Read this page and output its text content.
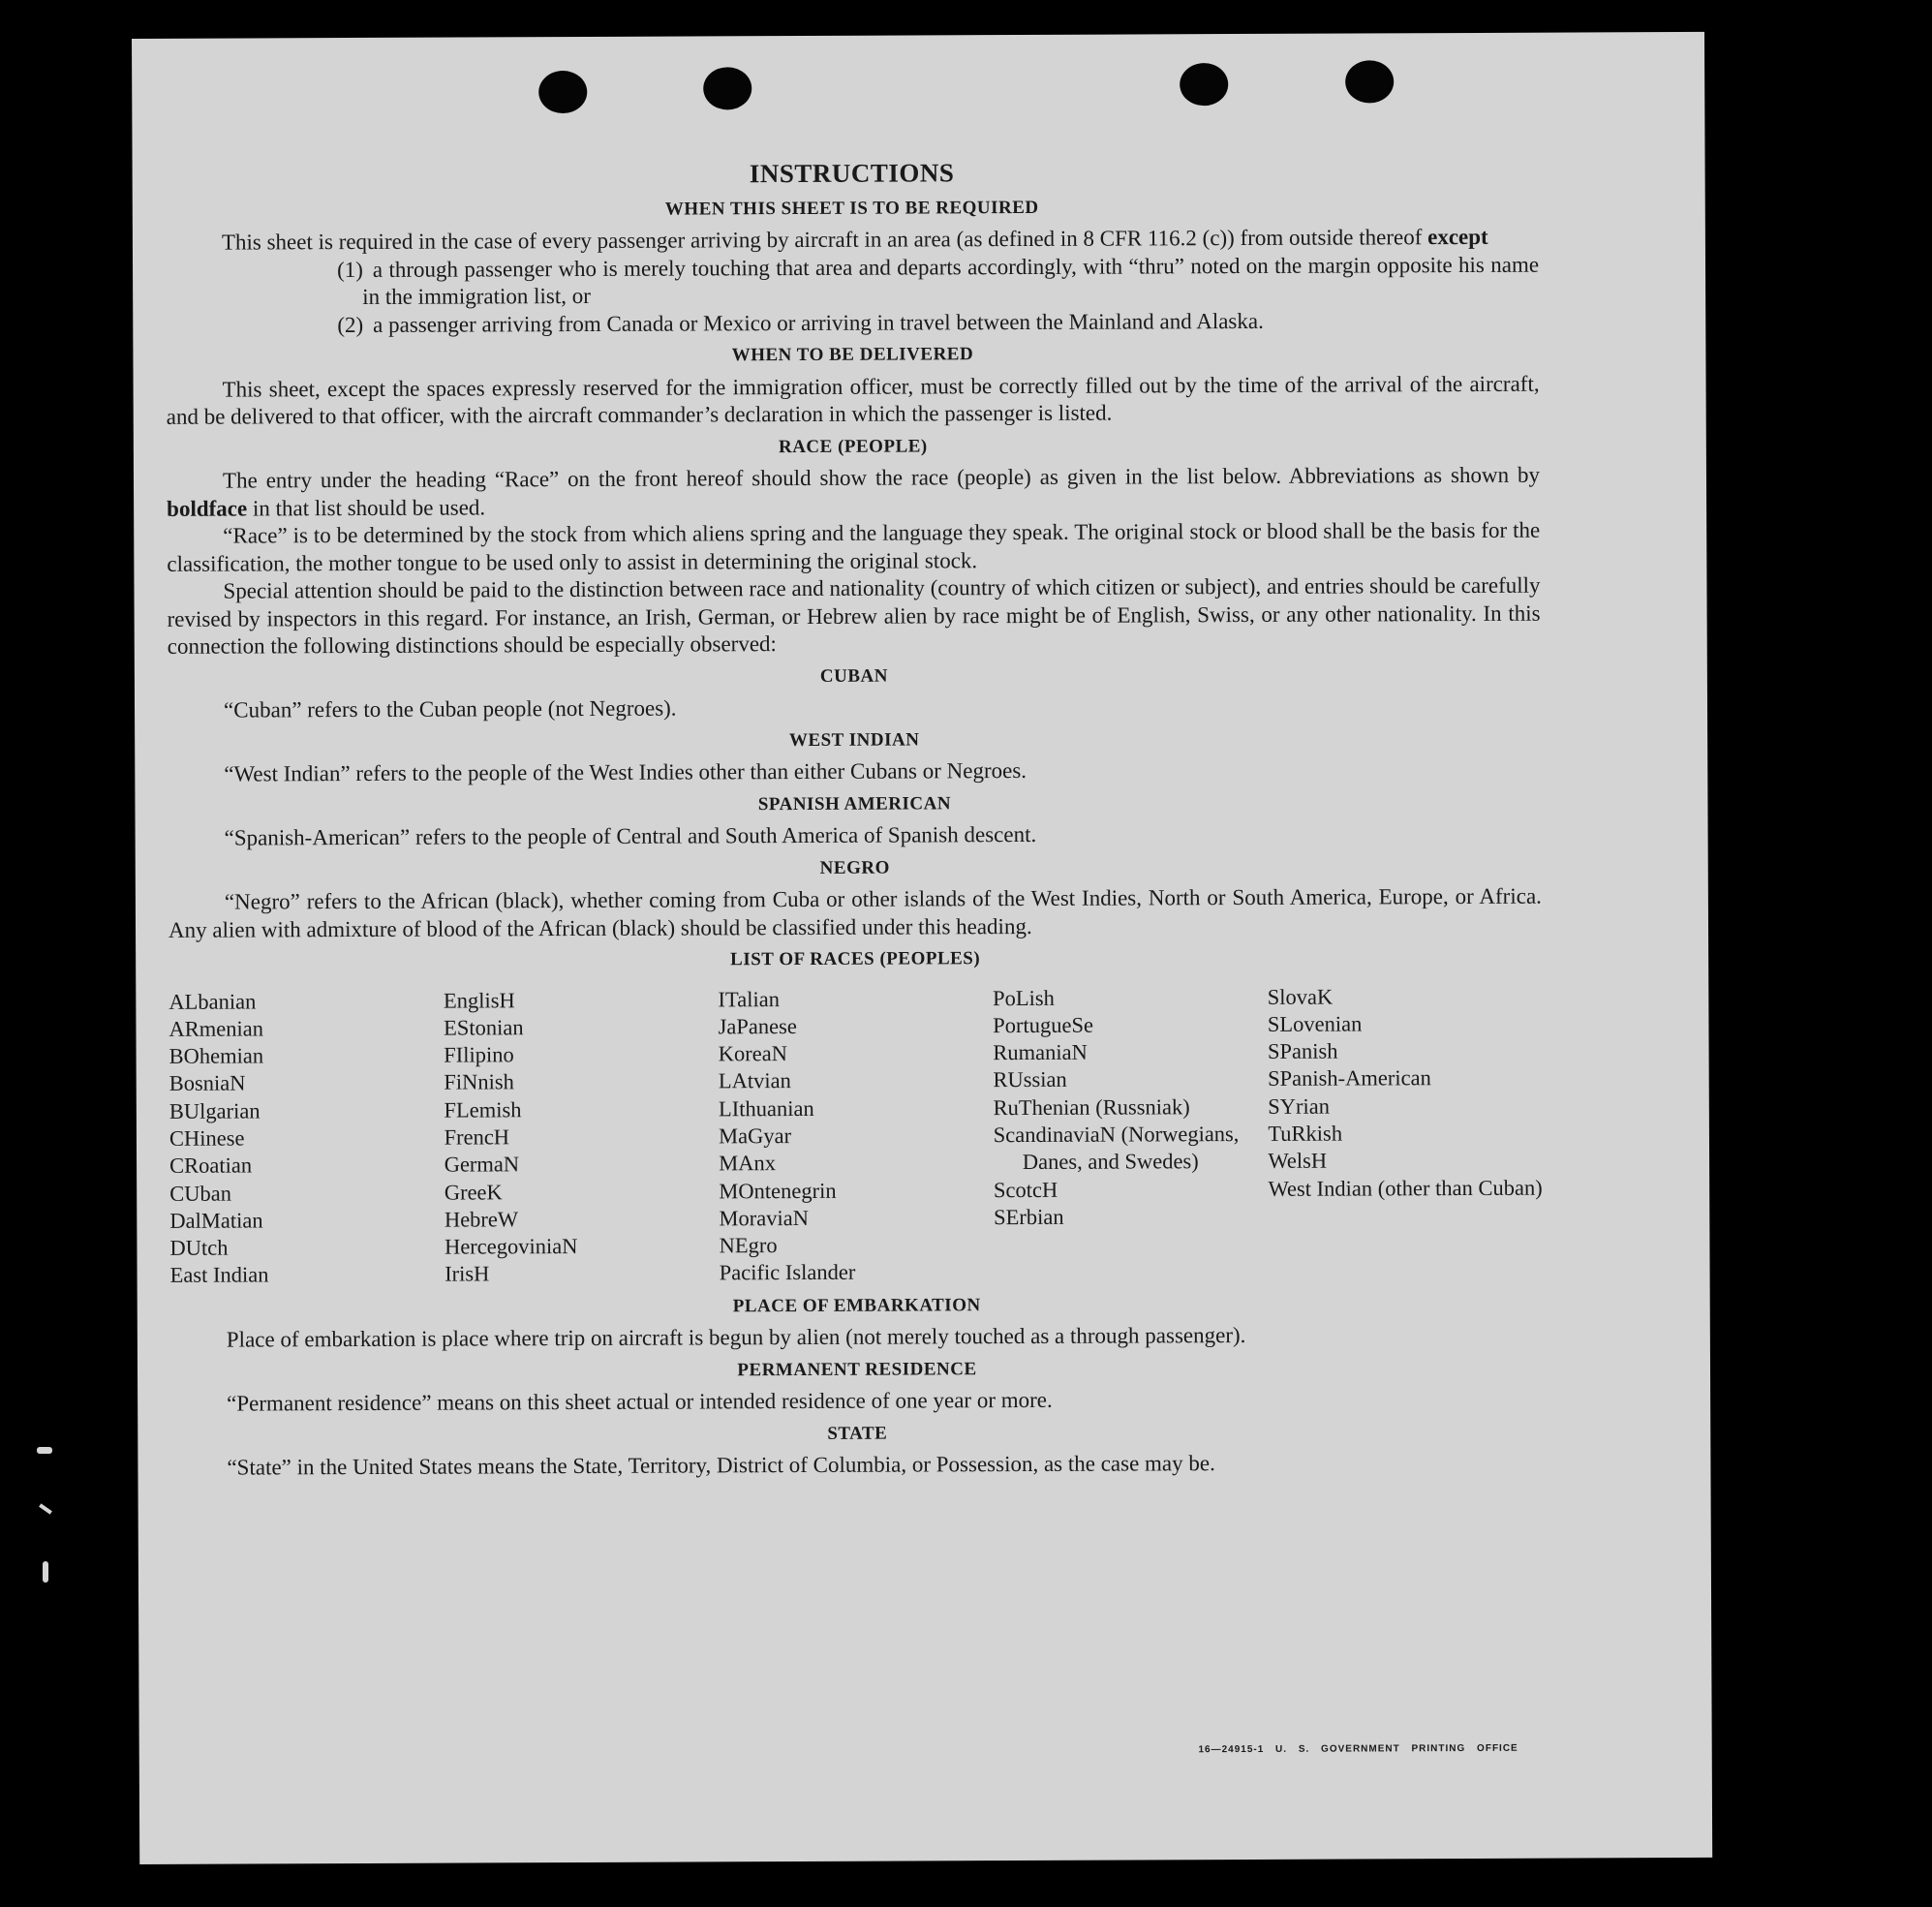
INSTRUCTIONS
WHEN THIS SHEET IS TO BE REQUIRED

This sheet is required in the case of every passenger arriving by aircraft in an area (as defined in 8 CFR 116.2 (c)) from outside thereof except

(1) a through passenger who is merely touching that area and departs accordingly, with “thru” noted on the margin opposite his name in the immigration list, or

(2) a passenger arriving from Canada or Mexico or arriving in travel between the Mainland and Alaska.

WHEN TO BE DELIVERED

This sheet, except the spaces expressly reserved for the immigration officer, must be correctly filled out by the time of the arrival of the aircraft, and be delivered to that officer, with the aircraft commander’s declaration in which the passenger is listed.

RACE (PEOPLE)

The entry under the heading “Race” on the front hereof should show the race (people) as given in the list below. Abbreviations as shown by boldface in that list should be used.

“Race” is to be determined by the stock from which aliens spring and the language they speak. The original stock or blood shall be the basis for the classification, the mother tongue to be used only to assist in determining the original stock.

Special attention should be paid to the distinction between race and nationality (country of which citizen or subject), and entries should be carefully revised by inspectors in this regard. For instance, an Irish, German, or Hebrew alien by race might be of English, Swiss, or any other nationality. In this connection the following distinctions should be especially observed:

CUBAN

“Cuban” refers to the Cuban people (not Negroes).

WEST INDIAN

“West Indian” refers to the people of the West Indies other than either Cubans or Negroes.

SPANISH AMERICAN

“Spanish-American” refers to the people of Central and South America of Spanish descent.

NEGRO

“Negro” refers to the African (black), whether coming from Cuba or other islands of the West Indies, North or South America, Europe, or Africa. Any alien with admixture of blood of the African (black) should be classified under this heading.

LIST OF RACES (PEOPLES)
ALbanian
ARmenian
BOhemian
BosniaN
BUlgarian
CHinese
CRoatian
CUban
DalMatian
DUtch
East Indian
EnglisH
EStonian
FIlipino
FiNnish
FLemish
FrencH
GermaN
GreeK
HebreW
HercegoviniaN
IrisH
ITalian
JaPanese
KoreaN
LAtvian
LIthuanian
MaGyar
MAnx
MOntenegrin
MoraviaN
NEgro
Pacific Islander
PoLish
PortugueSe
RumaniaN
RUssian
RuThenian (Russniak)
ScandinaviaN (Norwegians, Danes, and Swedes)
ScotcH
SErbian
SlovaK
SLovenian
SPanish
SPanish-American
SYrian
TuRkish
WelsH
West Indian (other than Cuban)
PLACE OF EMBARKATION

Place of embarkation is place where trip on aircraft is begun by alien (not merely touched as a through passenger).

PERMANENT RESIDENCE

“Permanent residence” means on this sheet actual or intended residence of one year or more.

STATE

“State” in the United States means the State, Territory, District of Columbia, or Possession, as the case may be.

16—24915-1 U. S. GOVERNMENT PRINTING OFFICE
